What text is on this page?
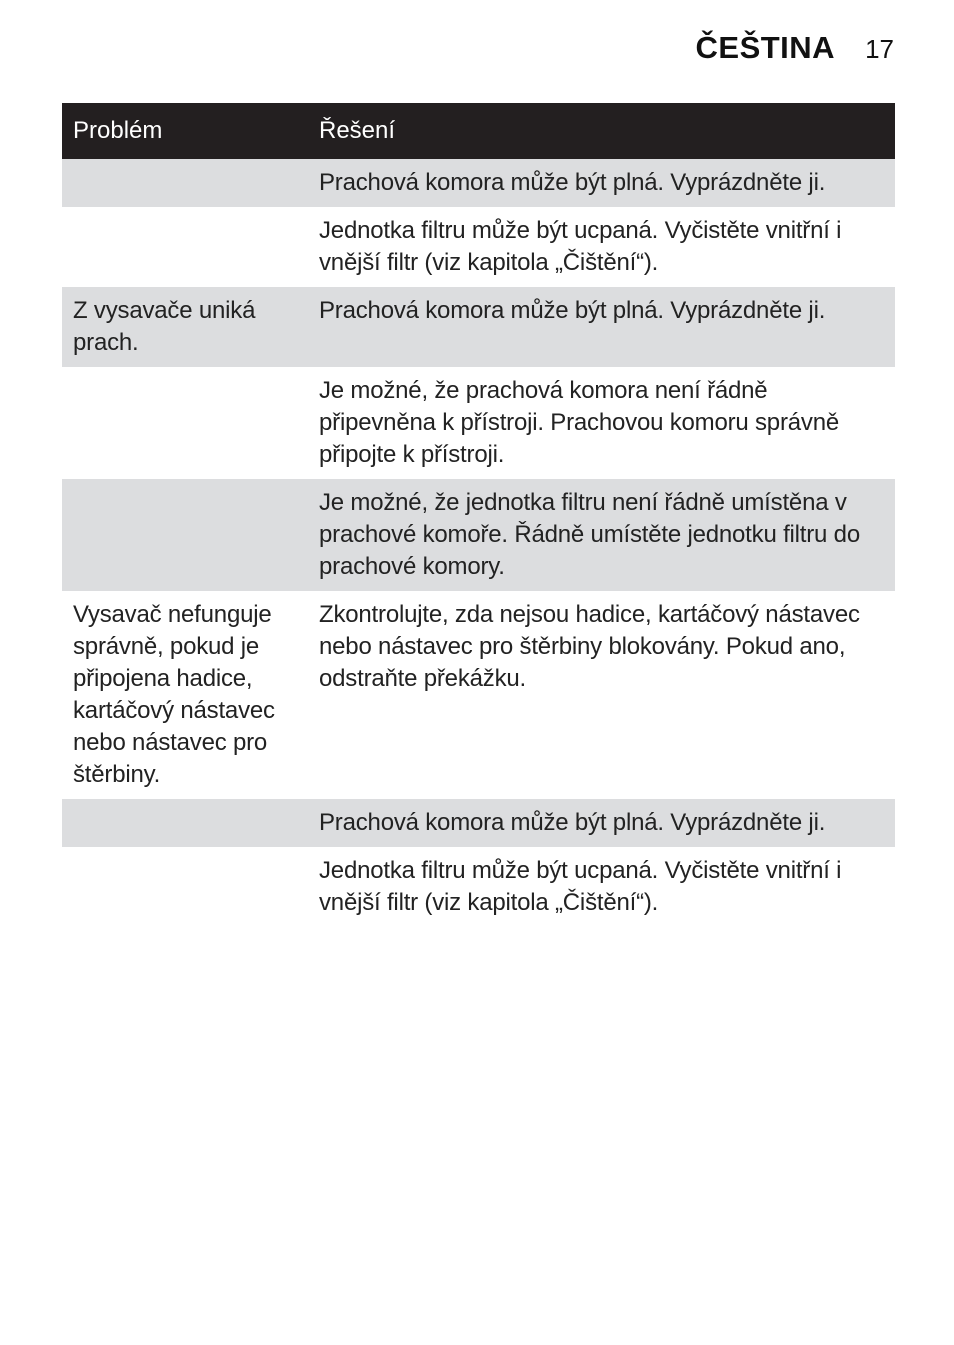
ČEŠTINA 17
Problém	Řešení
	Prachová komora může být plná. Vyprázdněte ji.
	Jednotka filtru může být ucpaná. Vyčistěte vnitřní i vnější filtr (viz kapitola „Čištění“).
Z vysavače uniká prach.	Prachová komora může být plná. Vyprázdněte ji.
	Je možné, že prachová komora není řádně připevněna k přístroji. Prachovou komoru správně připojte k přístroji.
	Je možné, že jednotka filtru není řádně umístěna v prachové komoře. Řádně umístěte jednotku filtru do prachové komory.
Vysavač nefunguje správně, pokud je připojena hadice, kartáčový nástavec nebo nástavec pro štěrbiny.	Zkontrolujte, zda nejsou hadice, kartáčový nástavec nebo nástavec pro štěrbiny blokovány. Pokud ano, odstraňte překážku.
	Prachová komora může být plná. Vyprázdněte ji.
	Jednotka filtru může být ucpaná. Vyčistěte vnitřní i vnější filtr (viz kapitola „Čištění“).
